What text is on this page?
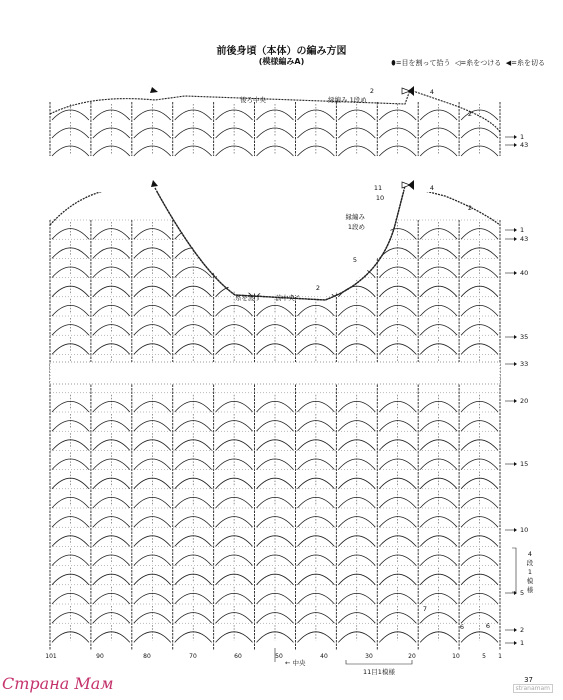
後ろ中央	縁編み 1段め
縁編み
1段め
前中央
糸を渡す
2	4
2
11	4
10
2
5
2
7
6	6
1
43
1
43
40
35
33
20
15
10
5
2
1
4
段
1
模
様
101	90	80	70	60	50	40	30	20	10	5 1
← 中央
11目1模様
前後身頃（本体）の編み方図
(模様編みA)	⬮=目を割って拾う ◁=糸をつける ◀=糸を切る
37
Страна Мам	stranamam
